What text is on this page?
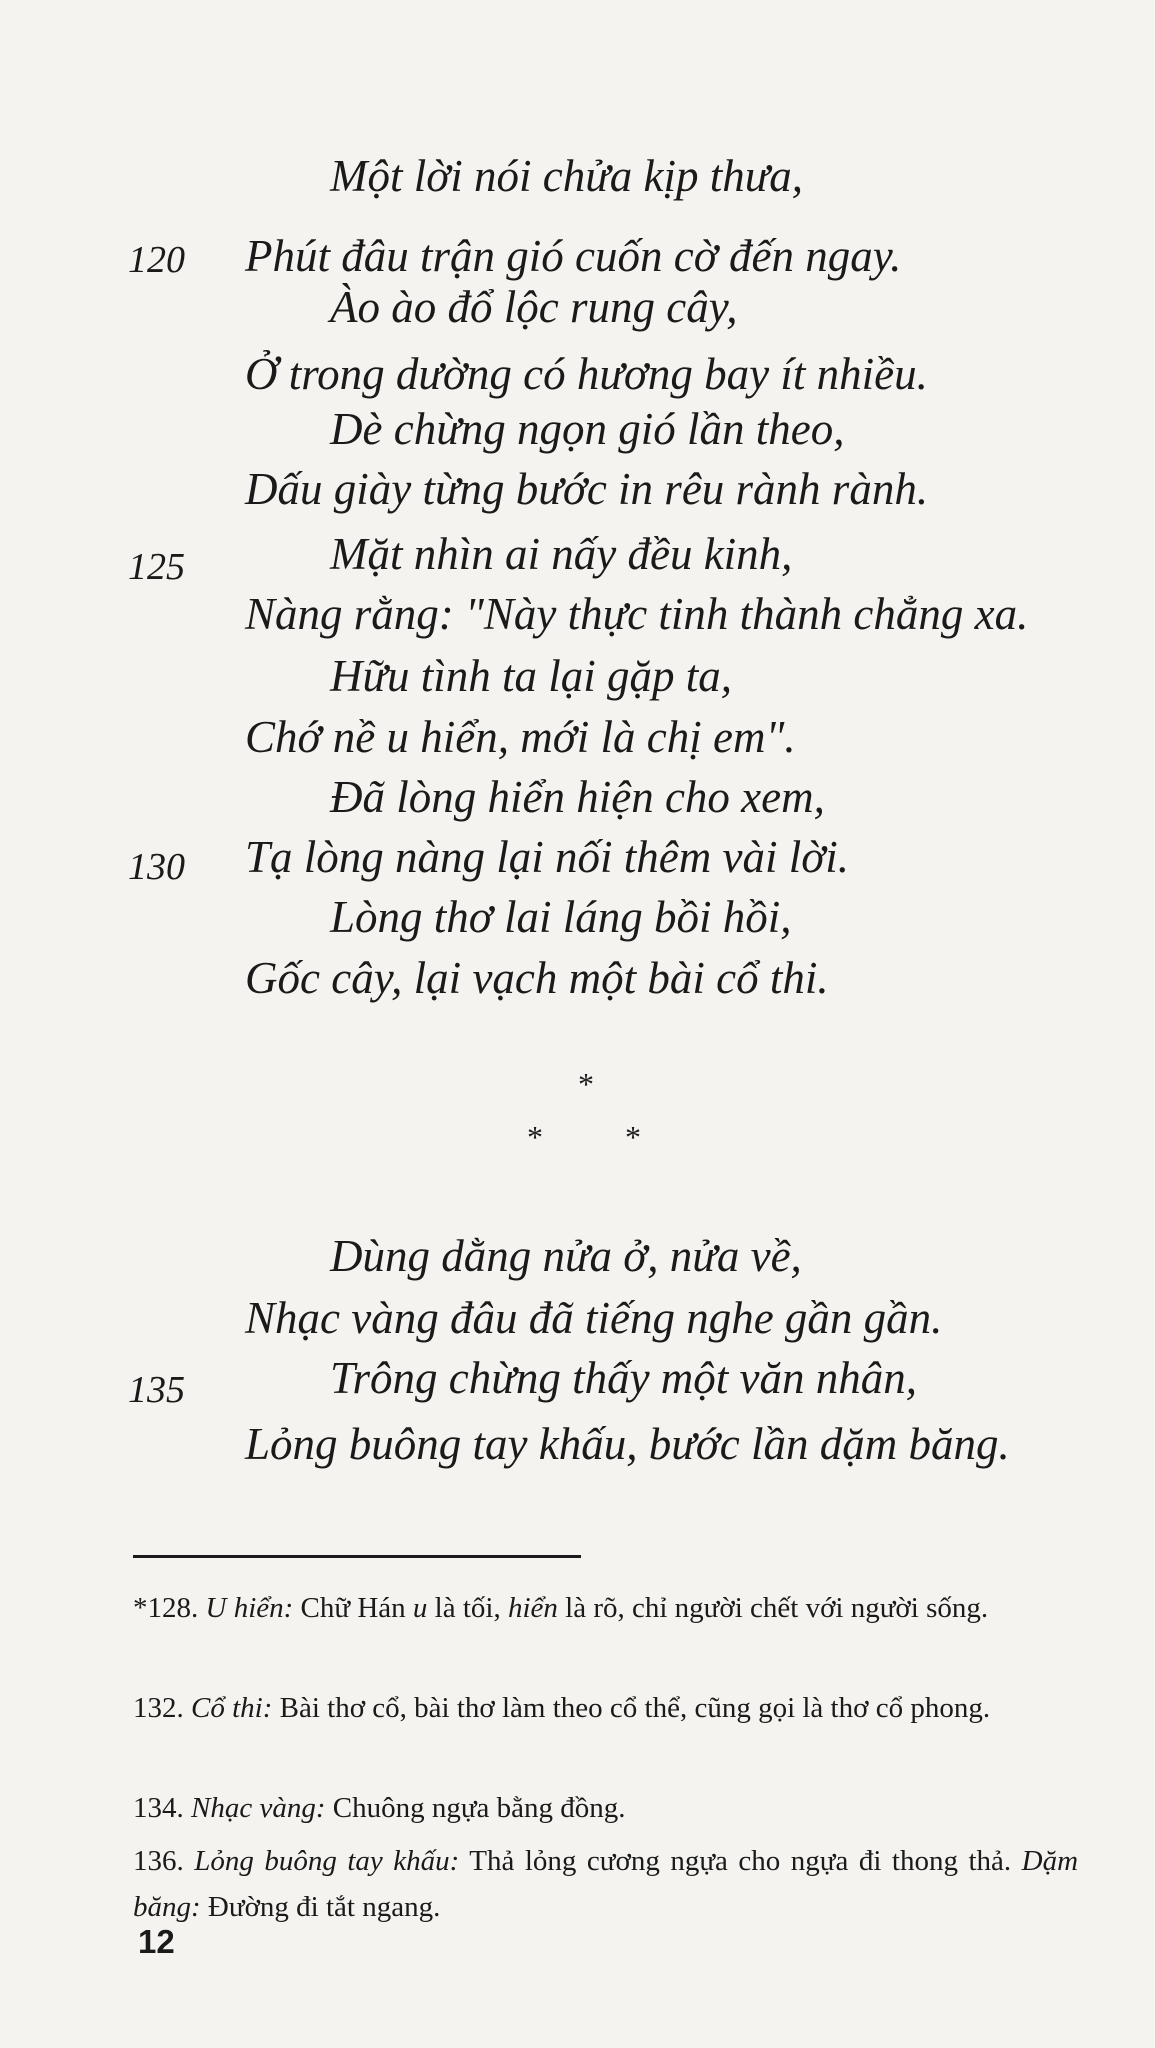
Một lời nói chửa kịp thưa,
120 Phút đâu trận gió cuốn cờ đến ngay.
Ào ào đổ lộc rung cây,
Ở trong dường có hương bay ít nhiều.
Dè chừng ngọn gió lần theo,
Dấu giày từng bước in rêu rành rành.
125	Mặt nhìn ai nấy đều kinh,
Nàng rằng: "Này thực tinh thành chẳng xa.
Hữu tình ta lại gặp ta,
Chớ nề u hiển, mới là chị em".
Đã lòng hiển hiện cho xem,
130 Tạ lòng nàng lại nối thêm vài lời.
Lòng thơ lai láng bồi hồi,
Gốc cây, lại vạch một bài cổ thi.
*
*	*
Dùng dằng nửa ở, nửa về,
Nhạc vàng đâu đã tiếng nghe gần gần.
135	Trông chừng thấy một văn nhân,
Lỏng buông tay khấu, bước lần dặm băng.
*128. U hiển: Chữ Hán u là tối, hiển là rõ, chỉ người chết với người sống.
132. Cổ thi: Bài thơ cổ, bài thơ làm theo cổ thể, cũng gọi là thơ cổ phong.
134. Nhạc vàng: Chuông ngựa bằng đồng.
136. Lỏng buông tay khấu: Thả lỏng cương ngựa cho ngựa đi thong thả. Dặm băng: Đường đi tắt ngang.
12
